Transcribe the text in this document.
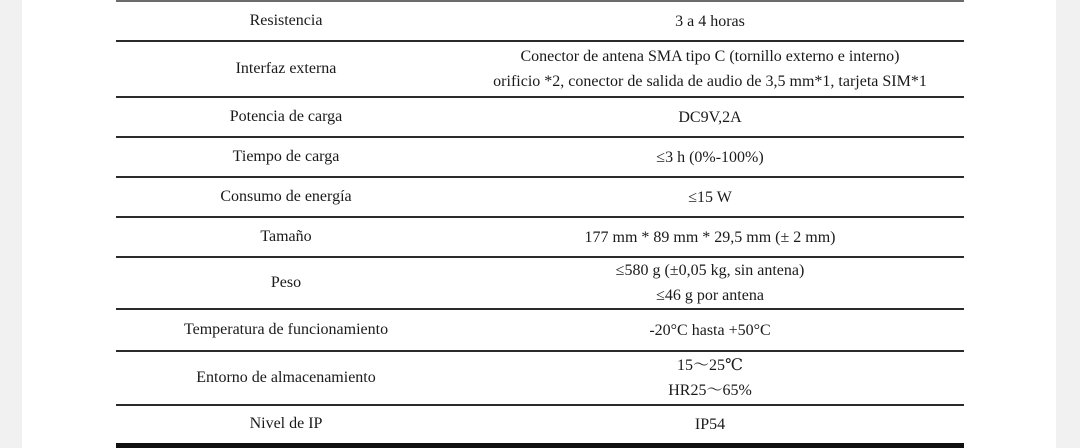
Resistencia	3 a 4 horas

Interfaz externa	Conector de antena SMA tipo C (tornillo externo e interno)
orificio *2, conector de salida de audio de 3,5 mm*1, tarjeta SIM*1

Potencia de carga	DC9V,2A

Tiempo de carga	≤3 h (0%-100%)

Consumo de energía	≤15 W

Tamaño	177 mm * 89 mm * 29,5 mm (± 2 mm)

Peso	≤580 g (±0,05 kg, sin antena)
≤46 g por antena

Temperatura de funcionamiento	-20°C hasta +50°C

Entorno de almacenamiento	15～25℃
HR25～65%

Nivel de IP	IP54
